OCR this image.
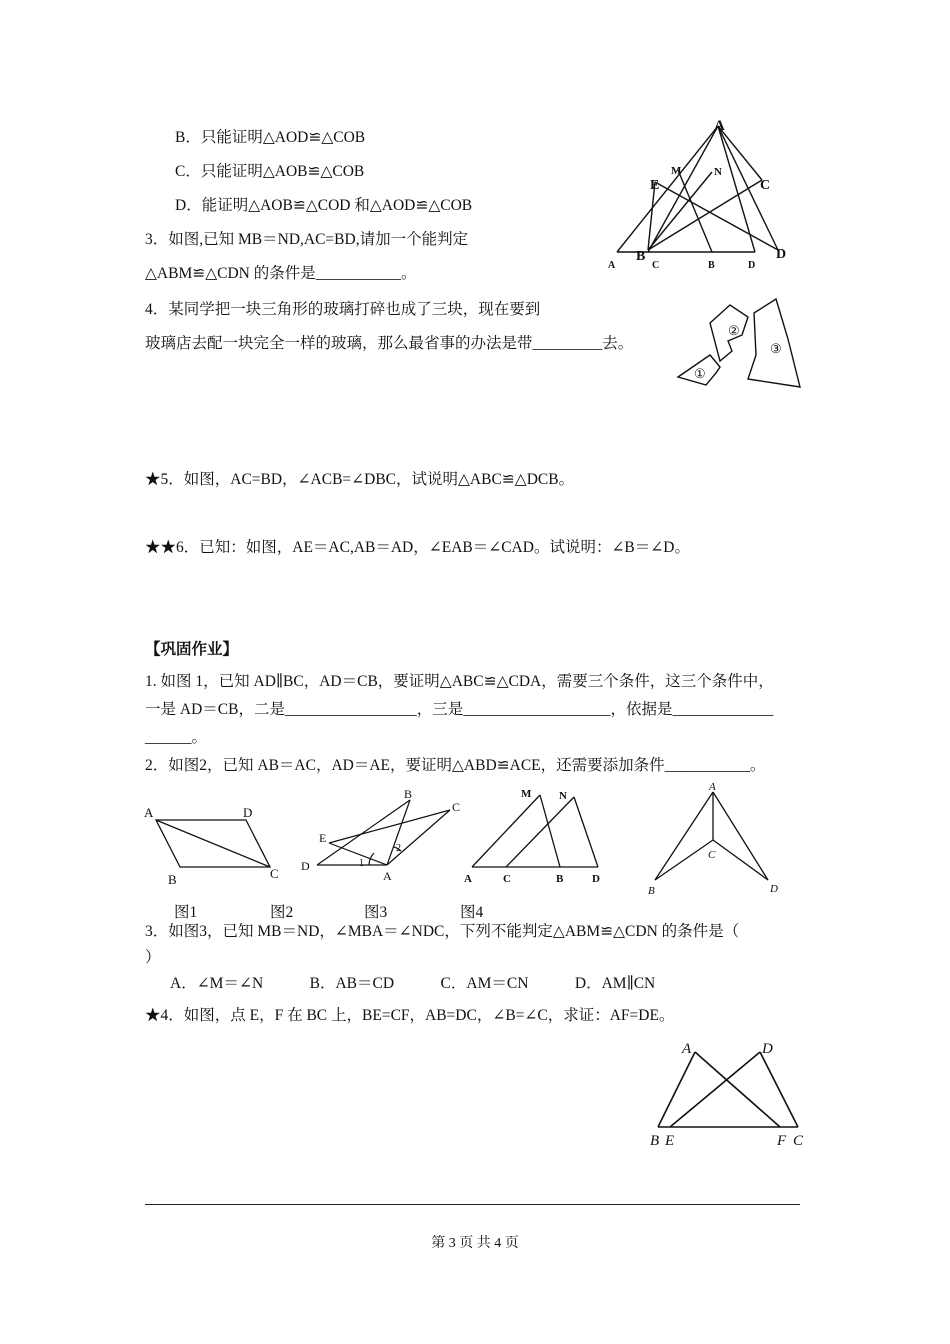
B．只能证明△AOD≌△COB
C．只能证明△AOB≌△COB
D．能证明△AOB≌△COD 和△AOD≌△COB
3．如图,已知 MB＝ND,AC=BD,请加一个能判定
△ABM≌△CDN 的条件是___________。
4．某同学把一块三角形的玻璃打碎也成了三块，现在要到
玻璃店去配一块完全一样的玻璃，那么最省事的办法是带_________去。
★5．如图，AC=BD，∠ACB=∠DBC，试说明△ABC≌△DCB。
★★6．已知：如图，AE＝AC,AB＝AD，∠EAB＝∠CAD。试说明：∠B＝∠D。
【巩固作业】
1. 如图 1，已知 AD∥BC，AD＝CB，要证明△ABC≌△CDA，需要三个条件，这三个条件中，
一是 AD＝CB，二是_________________，三是___________________，依据是_____________
______。
2．如图2，已知 AB＝AC，AD＝AE，要证明△ABD≌ACE，还需要添加条件___________。
3．如图3，已知 MB＝ND，∠MBA＝∠NDC，下列不能判定△ABM≌△CDN 的条件是（
）
A．∠M＝∠N　　　B．AB＝CD　　　C．AM＝CN　　　D．AM∥CN
★4．如图，点 E，F 在 BC 上，BE=CF，AB=DC，∠B=∠C，求证：AF=DE。
A
E
M	N
C
B	D
A	C	B	D
①
②
③
A	D
B	C
B
C
E
D
A
1
2
M	N
A	C	B	D
A
C
B	D
图1	图2	图3	图4
A	D
B E	F C
第 3 页 共 4 页
